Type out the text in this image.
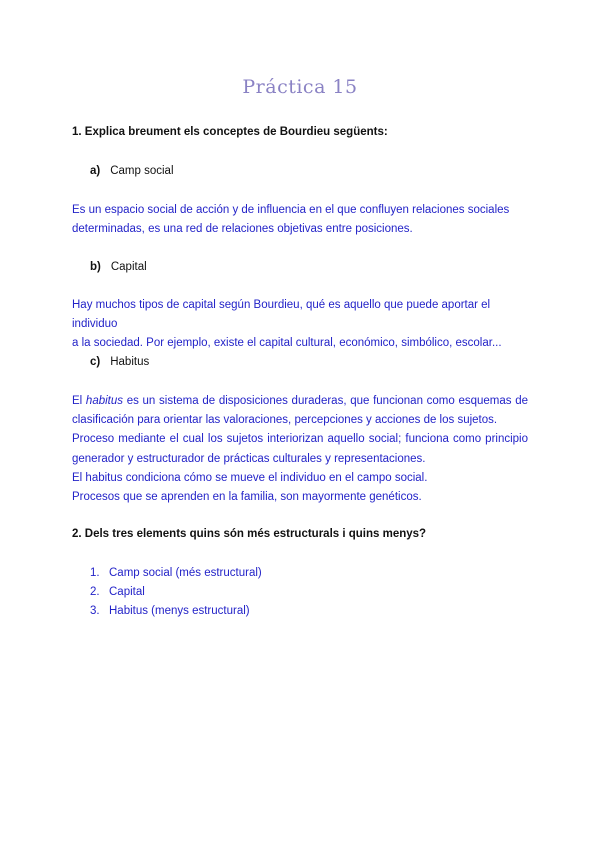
Práctica 15

1. Explica breument els conceptes de Bourdieu següents:

a) Camp social

Es un espacio social de acción y de influencia en el que confluyen relaciones sociales

determinadas, es una red de relaciones objetivas entre posiciones.

b) Capital

Hay muchos tipos de capital según Bourdieu, qué es aquello que puede aportar el individuo

a la sociedad. Por ejemplo, existe el capital cultural, económico, simbólico, escolar...

c) Habitus

El habitus es un sistema de disposiciones duraderas, que funcionan como esquemas de clasificación para orientar las valoraciones, percepciones y acciones de los sujetos.

Proceso mediante el cual los sujetos interiorizan aquello social; funciona como principio generador y estructurador de prácticas culturales y representaciones.

El habitus condiciona cómo se mueve el individuo en el campo social.

Procesos que se aprenden en la familia, son mayormente genéticos.

2. Dels tres elements quins són més estructurals i quins menys?

1. Camp social (més estructural)
2. Capital
3. Habitus (menys estructural)
